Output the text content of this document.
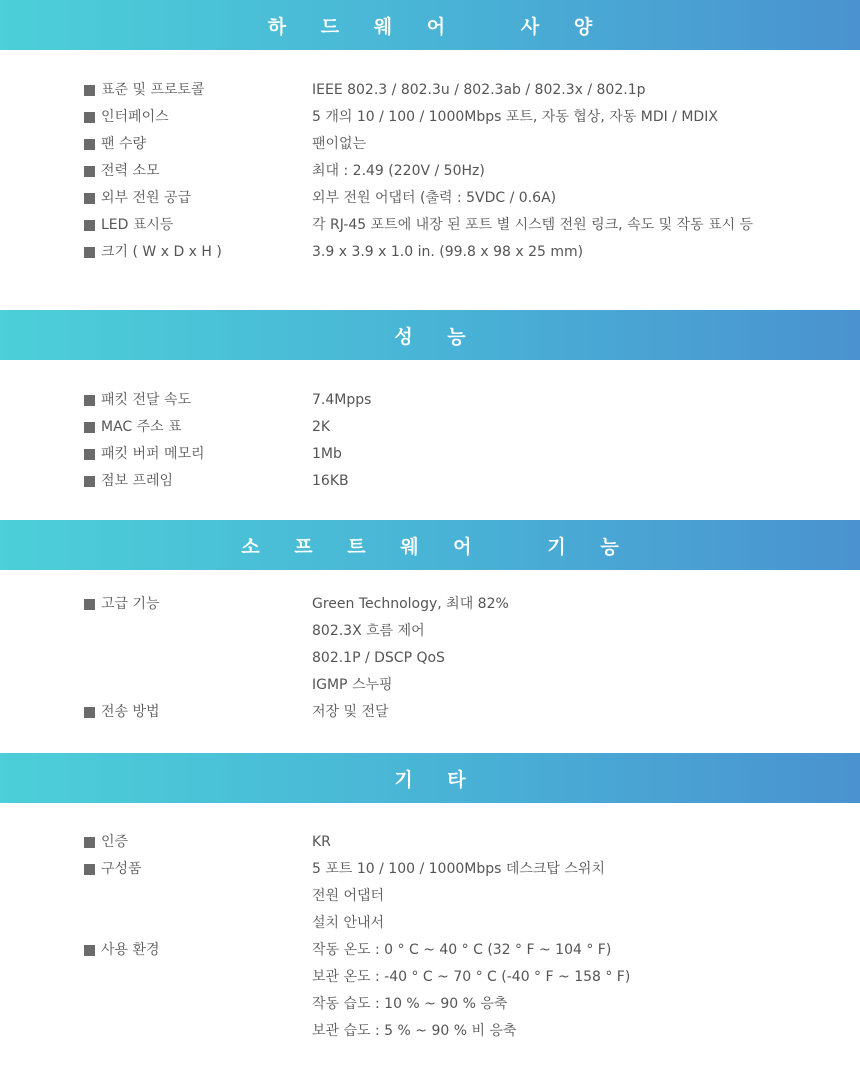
하 드 웨 어   사 양
표준 및 프로토콜	IEEE 802.3 / 802.3u / 802.3ab / 802.3x / 802.1p
인터페이스	5 개의 10 / 100 / 1000Mbps 포트, 자동 협상, 자동 MDI / MDIX
팬 수량	팬이없는
전력 소모	최대 : 2.49 (220V / 50Hz)
외부 전원 공급	외부 전원 어댑터 (출력 : 5VDC / 0.6A)
LED 표시등	각 RJ-45 포트에 내장 된 포트 별 시스템 전원 링크, 속도 및 작동 표시 등
크기 ( W x D x H )	3.9 x 3.9 x 1.0 in. (99.8 x 98 x 25 mm)
성 능
패킷 전달 속도	7.4Mpps
MAC 주소 표	2K
패킷 버퍼 메모리	1Mb
점보 프레임	16KB
소 프 트 웨 어   기 능
고급 기능	Green Technology, 최대 82%
802.3X 흐름 제어
802.1P / DSCP QoS
IGMP 스누핑
전송 방법	저장 및 전달
기 타
인증	KR
구성품	5 포트 10 / 100 / 1000Mbps 데스크탑 스위치
전원 어댑터
설치 안내서
사용 환경	작동 온도 : 0 ° C ~ 40 ° C (32 ° F ~ 104 ° F)
보관 온도 : -40 ° C ~ 70 ° C (-40 ° F ~ 158 ° F)
작동 습도 : 10 % ~ 90 % 응축
보관 습도 : 5 % ~ 90 % 비 응축
